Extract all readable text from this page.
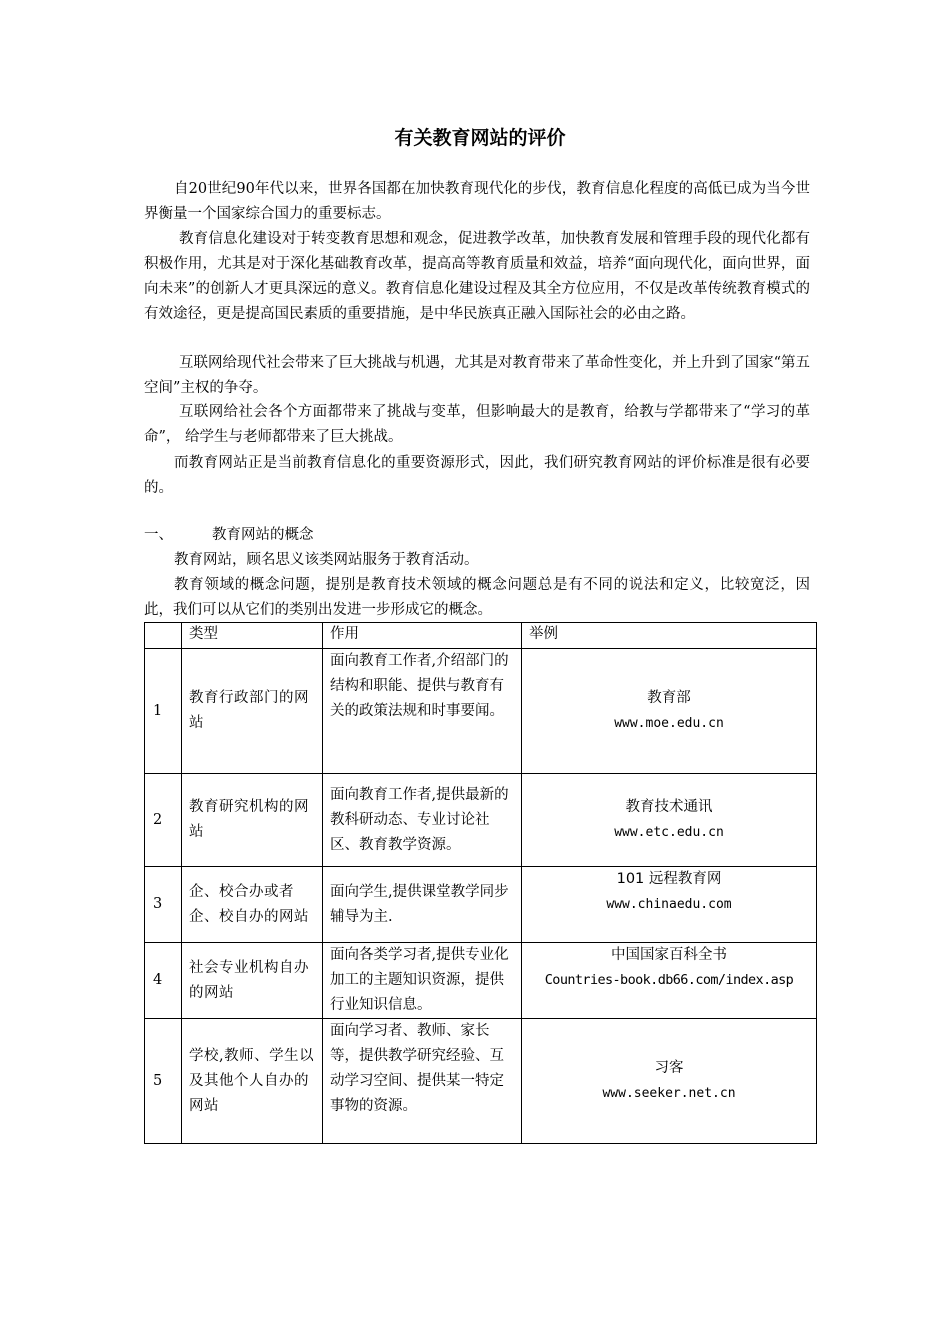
有关教育网站的评价

自20世纪90年代以来，世界各国都在加快教育现代化的步伐，教育信息化程度的高低已成为当今世界衡量一个国家综合国力的重要标志。

教育信息化建设对于转变教育思想和观念，促进教学改革，加快教育发展和管理手段的现代化都有积极作用，尤其是对于深化基础教育改革，提高高等教育质量和效益，培养“面向现代化，面向世界，面向未来”的创新人才更具深远的意义。教育信息化建设过程及其全方位应用，不仅是改革传统教育模式的有效途径，更是提高国民素质的重要措施，是中华民族真正融入国际社会的必由之路。

互联网给现代社会带来了巨大挑战与机遇，尤其是对教育带来了革命性变化，并上升到了国家“第五空间”主权的争夺。

互联网给社会各个方面都带来了挑战与变革，但影响最大的是教育，给教与学都带来了“学习的革命”， 给学生与老师都带来了巨大挑战。

而教育网站正是当前教育信息化的重要资源形式，因此，我们研究教育网站的评价标准是很有必要的。

一、	教育网站的概念

教育网站，顾名思义该类网站服务于教育活动。

教育领域的概念问题，提别是教育技术领域的概念问题总是有不同的说法和定义，比较宽泛，因此，我们可以从它们的类别出发进一步形成它的概念。

	类型	作用	举例
1	教育行政部门的网站	面向教育工作者,介绍部门的结构和职能、提供与教育有关的政策法规和时事要闻。	教育部
www.moe.edu.cn

2	教育研究机构的网站	面向教育工作者,提供最新的教科研动态、专业讨论社区、教育教学资源。	教育技术通讯
www.etc.edu.cn

3	企、校合办或者企、校自办的网站	面向学生,提供课堂教学同步辅导为主.	101 远程教育网
www.chinaedu.com

4	社会专业机构自办的网站	面向各类学习者,提供专业化加工的主题知识资源，提供行业知识信息。	中国国家百科全书
Countries-book.db66.com/index.asp

5	学校,教师、学生以及其他个人自办的网站	面向学习者、教师、家长等，提供教学研究经验、互动学习空间、提供某一特定事物的资源。	习客
www.seeker.net.cn
